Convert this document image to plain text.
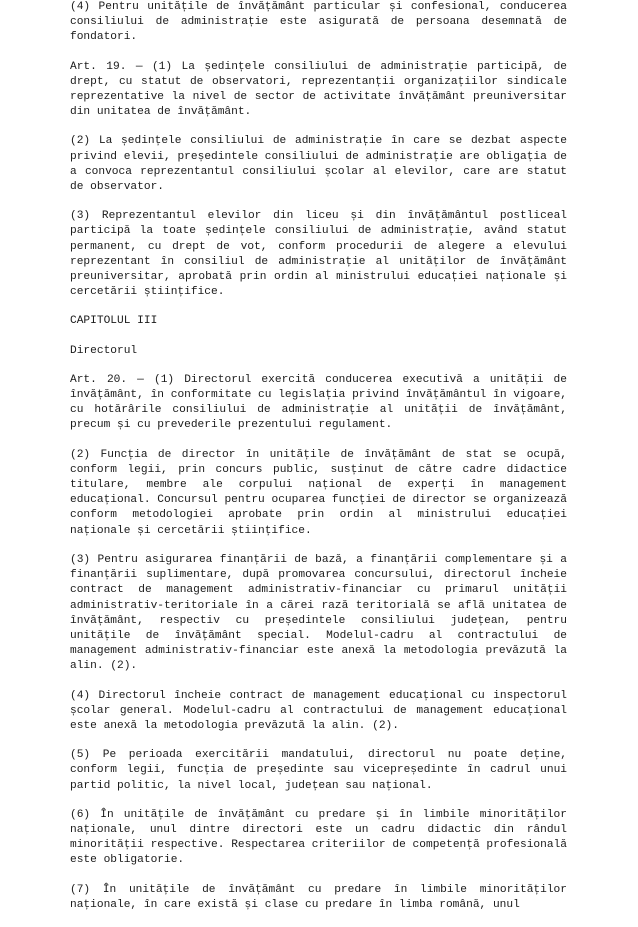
(4) Pentru unitățile de învățământ particular și confesional, conducerea consiliului de administrație este asigurată de persoana desemnată de fondatori.

Art. 19. — (1) La ședințele consiliului de administrație participă, de drept, cu statut de observatori, reprezentanții organizațiilor sindicale reprezentative la nivel de sector de activitate învățământ preuniversitar din unitatea de învățământ.

(2) La ședințele consiliului de administrație în care se dezbat aspecte privind elevii, președintele consiliului de administrație are obligația de a convoca reprezentantul consiliului școlar al elevilor, care are statut de observator.

(3) Reprezentantul elevilor din liceu și din învățământul postliceal participă la toate ședințele consiliului de administrație, având statut permanent, cu drept de vot, conform procedurii de alegere a elevului reprezentant în consiliul de administrație al unităților de învățământ preuniversitar, aprobată prin ordin al ministrului educației naționale și cercetării științifice.

CAPITOLUL III

Directorul

Art. 20. — (1) Directorul exercită conducerea executivă a unității de învățământ, în conformitate cu legislația privind învățământul în vigoare, cu hotărârile consiliului de administrație al unității de învățământ, precum și cu prevederile prezentului regulament.

(2) Funcția de director în unitățile de învățământ de stat se ocupă, conform legii, prin concurs public, susținut de către cadre didactice titulare, membre ale corpului național de experți în management educațional. Concursul pentru ocuparea funcției de director se organizează conform metodologiei aprobate prin ordin al ministrului educației naționale și cercetării științifice.

(3) Pentru asigurarea finanțării de bază, a finanțării complementare și a finanțării suplimentare, după promovarea concursului, directorul încheie contract de management administrativ-financiar cu primarul unității administrativ-teritoriale în a cărei rază teritorială se află unitatea de învățământ, respectiv cu președintele consiliului județean, pentru unitățile de învățământ special. Modelul-cadru al contractului de management administrativ-financiar este anexă la metodologia prevăzută la alin. (2).

(4) Directorul încheie contract de management educațional cu inspectorul școlar general. Modelul-cadru al contractului de management educațional este anexă la metodologia prevăzută la alin. (2).

(5) Pe perioada exercitării mandatului, directorul nu poate deține, conform legii, funcția de președinte sau vicepreședinte în cadrul unui partid politic, la nivel local, județean sau național.

(6) În unitățile de învățământ cu predare și în limbile minorităților naționale, unul dintre directori este un cadru didactic din rândul minorității respective. Respectarea criteriilor de competență profesională este obligatorie.

(7) În unitățile de învățământ cu predare în limbile minorităților naționale, în care există și clase cu predare în limba română, unul
